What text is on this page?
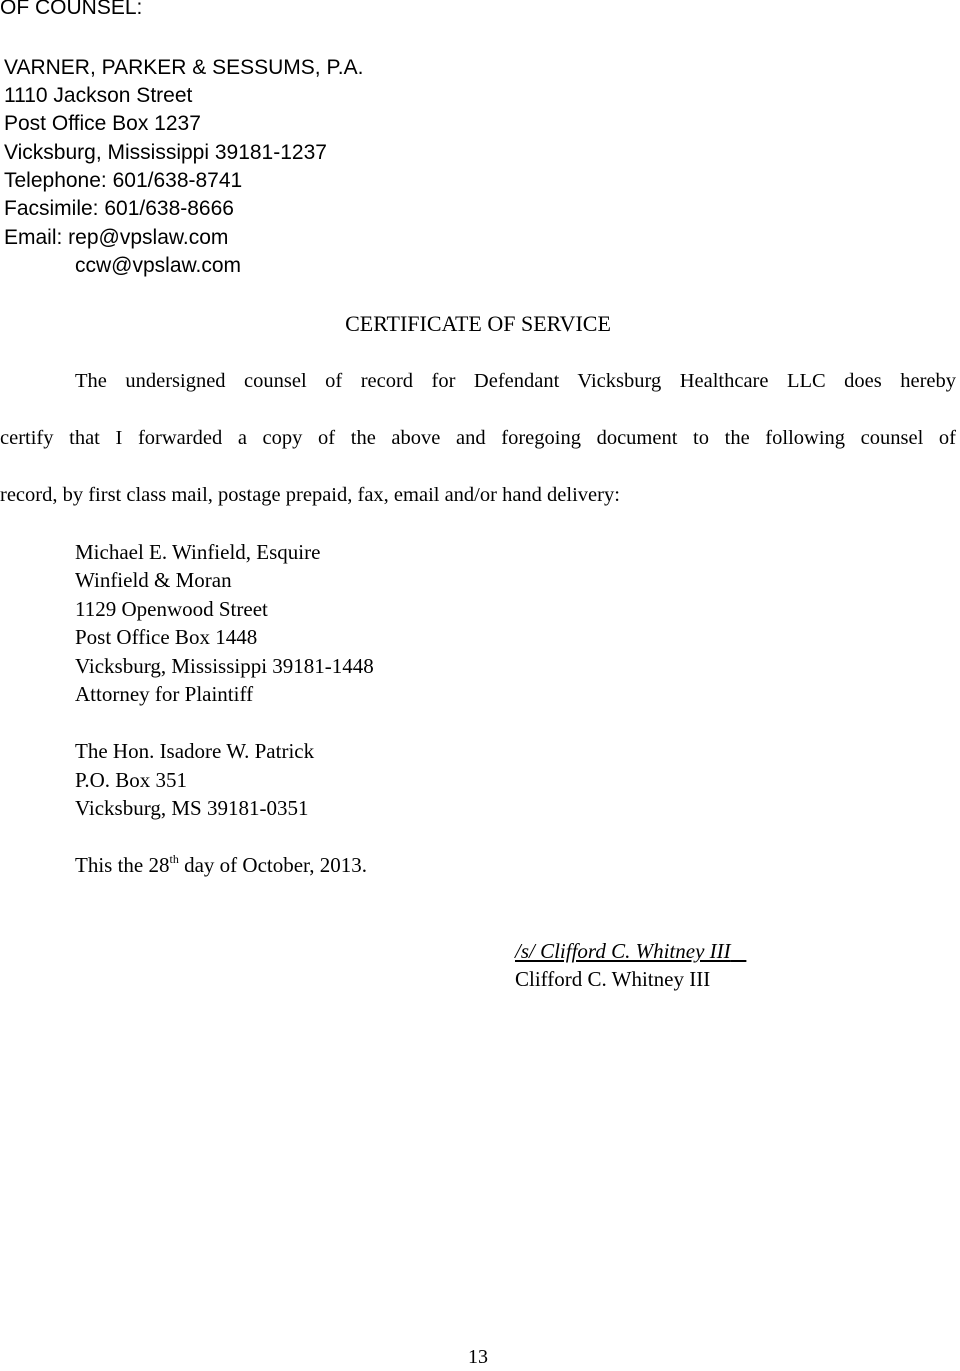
OF COUNSEL:
VARNER, PARKER & SESSUMS, P.A.
1110 Jackson Street
Post Office Box 1237
Vicksburg, Mississippi 39181-1237
Telephone: 601/638-8741
Facsimile: 601/638-8666
Email: rep@vpslaw.com
ccw@vpslaw.com
CERTIFICATE OF SERVICE
The undersigned counsel of record for Defendant Vicksburg Healthcare LLC does hereby
certify that I forwarded a copy of the above and foregoing document to the following counsel of
record, by first class mail, postage prepaid, fax, email and/or hand delivery:
Michael E. Winfield, Esquire
Winfield & Moran
1129 Openwood Street
Post Office Box 1448
Vicksburg, Mississippi 39181-1448
Attorney for Plaintiff
The Hon. Isadore W. Patrick
P.O. Box 351
Vicksburg, MS 39181-0351
This the 28th day of October, 2013.
/s/ Clifford C. Whitney III
Clifford C. Whitney III
13
